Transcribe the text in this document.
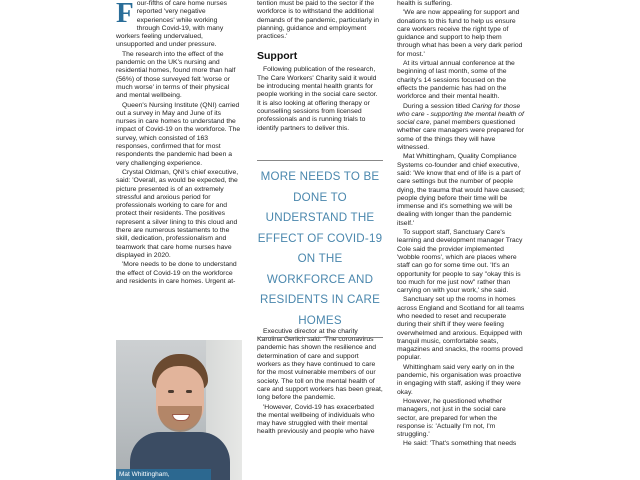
Four-fifths of care home nurses reported 'very negative experiences' while working through Covid-19, with many workers feeling undervalued, unsupported and under pressure.

The research into the effect of the pandemic on the UK's nursing and residential homes, found more than half (56%) of those surveyed felt 'worse or much worse' in terms of their physical and mental wellbeing.

Queen's Nursing Institute (QNI) carried out a survey in May and June of its nurses in care homes to understand the impact of Covid-19 on the workforce. The survey, which consisted of 163 responses, confirmed that for most respondents the pandemic had been a very challenging experience.

Crystal Oldman, QNI's chief executive, said: 'Overall, as would be expected, the picture presented is of an extremely stressful and anxious period for professionals working to care for and protect their residents. The positives represent a silver lining to this cloud and there are numerous testaments to the skill, dedication, professionalism and teamwork that care home nurses have displayed in 2020.

'More needs to be done to understand the effect of Covid-19 on the workforce and residents in care homes. Urgent at-

Mat Whittingham,

tention must be paid to the sector if the workforce is to withstand the additional demands of the pandemic, particularly in planning, guidance and employment practices.'

Support

Following publication of the research, The Care Workers' Charity said it would be introducing mental health grants for people working in the social care sector. It is also looking at offering therapy or counselling sessions from licensed professionals and is running trials to identify partners to deliver this.

Executive director at the charity Karolina Gerlich said: 'The coronavirus pandemic has shown the resilience and determination of care and support workers as they have continued to care for the most vulnerable members of our society. The toll on the mental health of care and support workers has been great, long before the pandemic.

'However, Covid-19 has exacerbated the mental wellbeing of individuals who may have struggled with their mental health previously and people who have

MORE NEEDS TO BE DONE TO UNDERSTAND THE EFFECT OF COVID-19 ON THE WORKFORCE AND RESIDENTS IN CARE HOMES

health is suffering.

'We are now appealing for support and donations to this fund to help us ensure care workers receive the right type of guidance and support to help them through what has been a very dark period for most.'

At its virtual annual conference at the beginning of last month, some of the charity's 14 sessions focused on the effects the pandemic has had on the workforce and their mental health.

During a session titled Caring for those who care - supporting the mental health of social care, panel members questioned whether care managers were prepared for some of the things they will have witnessed.

Mat Whittingham, Quality Compliance Systems co-founder and chief executive, said: 'We know that end of life is a part of care settings but the number of people dying, the trauma that would have caused; people dying before their time will be immense and it's something we will be dealing with longer than the pandemic itself.'

To support staff, Sanctuary Care's learning and development manager Tracy Cole said the provider implemented 'wobble rooms', which are places where staff can go for some time out. 'It's an opportunity for people to say "okay this is too much for me just now" rather than carrying on with your work,' she said.

Sanctuary set up the rooms in homes across England and Scotland for all teams who needed to reset and recuperate during their shift if they were feeling overwhelmed and anxious. Equipped with tranquil music, comfortable seats, magazines and snacks, the rooms proved popular.

Whittingham said very early on in the pandemic, his organisation was proactive in engaging with staff, asking if they were okay.

However, he questioned whether managers, not just in the social care sector, are prepared for when the response is: 'Actually I'm not, I'm struggling.'

He said: 'That's something that needs
